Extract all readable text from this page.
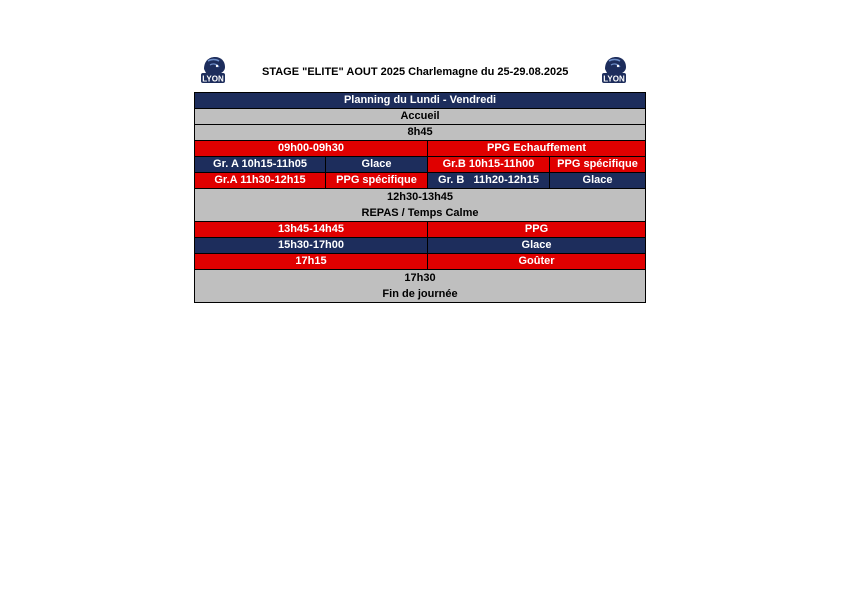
LYON
STAGE "ELITE" AOUT 2025 Charlemagne du 25-29.08.2025
LYON
Planning du Lundi - Vendredi			
Accueil			
8h45			
09h00-09h30		PPG Echauffement	
Gr. A 10h15-11h05	Glace	Gr.B 10h15-11h00	PPG spécifique
Gr.A 11h30-12h15	PPG spécifique	Gr. B   11h20-12h15	Glace

12h30-13h45
REPAS / Temps Calme			

13h45-14h45		PPG	
15h30-17h00		Glace	
17h15		Goûter	

17h30
Fin de journée			
